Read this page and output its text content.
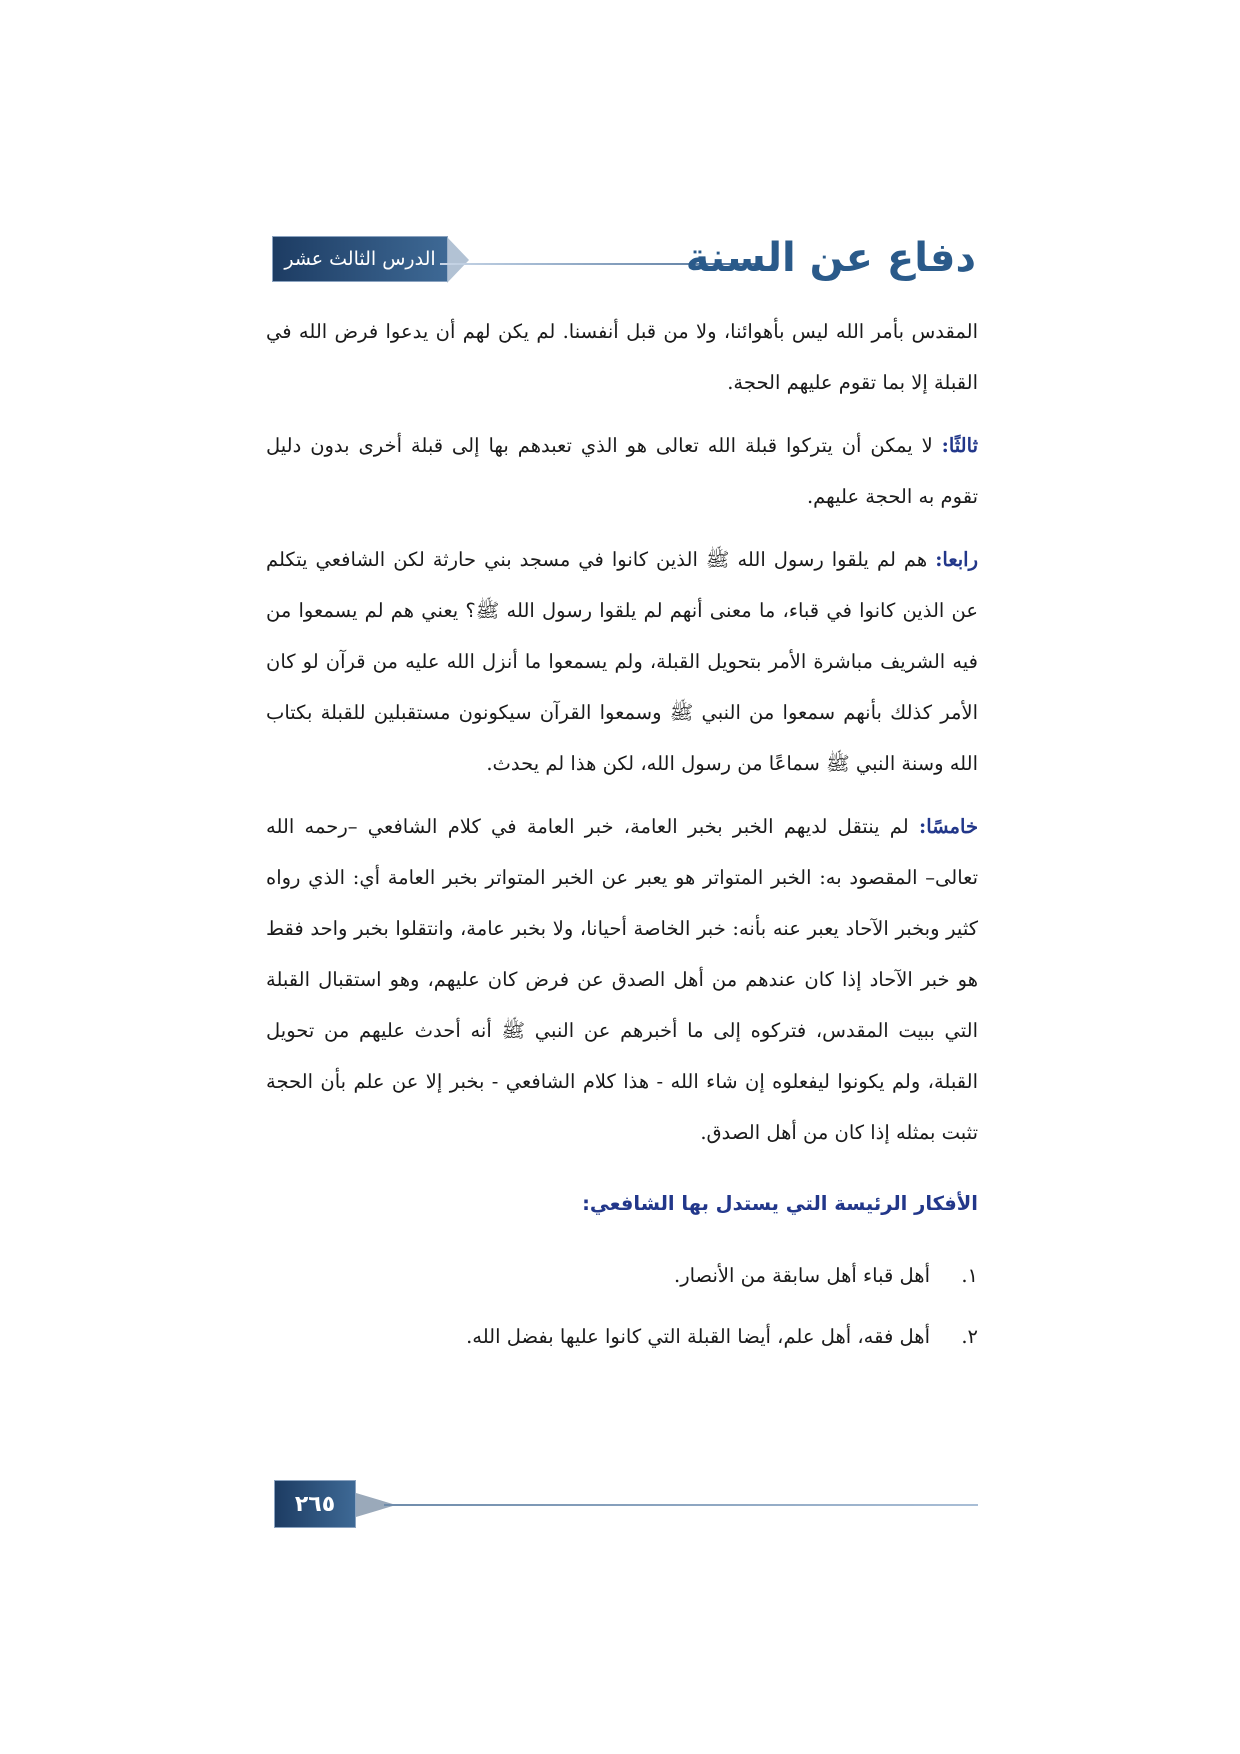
الدرس الثالث عشر	دفاع عن السنة

المقدس بأمر الله ليس بأهوائنا، ولا من قبل أنفسنا. لم يكن لهم أن يدعوا فرض الله في القبلة إلا بما تقوم عليهم الحجة.

ثالثًا: لا يمكن أن يتركوا قبلة الله تعالى هو الذي تعبدهم بها إلى قبلة أخرى بدون دليل تقوم به الحجة عليهم.

رابعا: هم لم يلقوا رسول الله ﷺ الذين كانوا في مسجد بني حارثة لكن الشافعي يتكلم عن الذين كانوا في قباء، ما معنى أنهم لم يلقوا رسول الله ﷺ؟ يعني هم لم يسمعوا من فيه الشريف مباشرة الأمر بتحويل القبلة، ولم يسمعوا ما أنزل الله عليه من قرآن لو كان الأمر كذلك بأنهم سمعوا من النبي ﷺ وسمعوا القرآن سيكونون مستقبلين للقبلة بكتاب الله وسنة النبي ﷺ سماعًا من رسول الله، لكن هذا لم يحدث.

خامسًا: لم ينتقل لديهم الخبر بخبر العامة، خبر العامة في كلام الشافعي –رحمه الله تعالى– المقصود به: الخبر المتواتر هو يعبر عن الخبر المتواتر بخبر العامة أي: الذي رواه كثير وبخبر الآحاد يعبر عنه بأنه: خبر الخاصة أحيانا، ولا بخبر عامة، وانتقلوا بخبر واحد فقط هو خبر الآحاد إذا كان عندهم من أهل الصدق عن فرض كان عليهم، وهو استقبال القبلة التي ببيت المقدس، فتركوه إلى ما أخبرهم عن النبي ﷺ أنه أحدث عليهم من تحويل القبلة، ولم يكونوا ليفعلوه إن شاء الله - هذا كلام الشافعي - بخبر إلا عن علم بأن الحجة تثبت بمثله إذا كان من أهل الصدق.

الأفكار الرئيسة التي يستدل بها الشافعي:
١.
أهل قباء أهل سابقة من الأنصار.
٢.
أهل فقه، أهل علم، أيضا القبلة التي كانوا عليها بفضل الله.
٢٦٥
